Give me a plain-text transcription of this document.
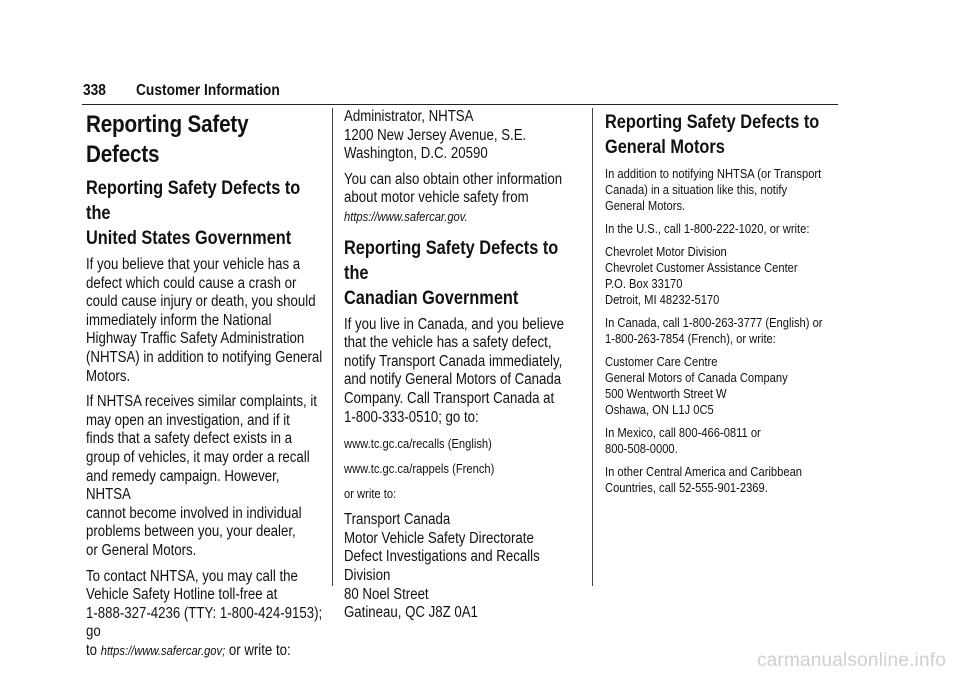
338 Customer Information
Reporting Safety Defects
Reporting Safety Defects to the
United States Government

If you believe that your vehicle has a
defect which could cause a crash or
could cause injury or death, you should
immediately inform the National
Highway Traffic Safety Administration
(NHTSA) in addition to notifying General
Motors.

If NHTSA receives similar complaints, it
may open an investigation, and if it
finds that a safety defect exists in a
group of vehicles, it may order a recall
and remedy campaign. However, NHTSA
cannot become involved in individual
problems between you, your dealer,
or General Motors.

To contact NHTSA, you may call the
Vehicle Safety Hotline toll-free at
1-888-327-4236 (TTY: 1-800-424-9153); go
to https://www.safercar.gov; or write to:

Administrator, NHTSA
1200 New Jersey Avenue, S.E.
Washington, D.C. 20590

You can also obtain other information
about motor vehicle safety from
https://www.safercar.gov.

Reporting Safety Defects to the
Canadian Government

If you live in Canada, and you believe
that the vehicle has a safety defect,
notify Transport Canada immediately,
and notify General Motors of Canada
Company. Call Transport Canada at
1-800-333-0510; go to:

www.tc.gc.ca/recalls (English)

www.tc.gc.ca/rappels (French)

or write to:

Transport Canada
Motor Vehicle Safety Directorate
Defect Investigations and Recalls
Division
80 Noel Street
Gatineau, QC J8Z 0A1

Reporting Safety Defects to
General Motors

In addition to notifying NHTSA (or Transport
Canada) in a situation like this, notify
General Motors.

In the U.S., call 1-800-222-1020, or write:

Chevrolet Motor Division
Chevrolet Customer Assistance Center
P.O. Box 33170
Detroit, MI 48232-5170

In Canada, call 1-800-263-3777 (English) or
1-800-263-7854 (French), or write:

Customer Care Centre
General Motors of Canada Company
500 Wentworth Street W
Oshawa, ON L1J 0C5

In Mexico, call 800-466-0811 or
800-508-0000.

In other Central America and Caribbean
Countries, call 52-555-901-2369.

carmanualsonline.info
